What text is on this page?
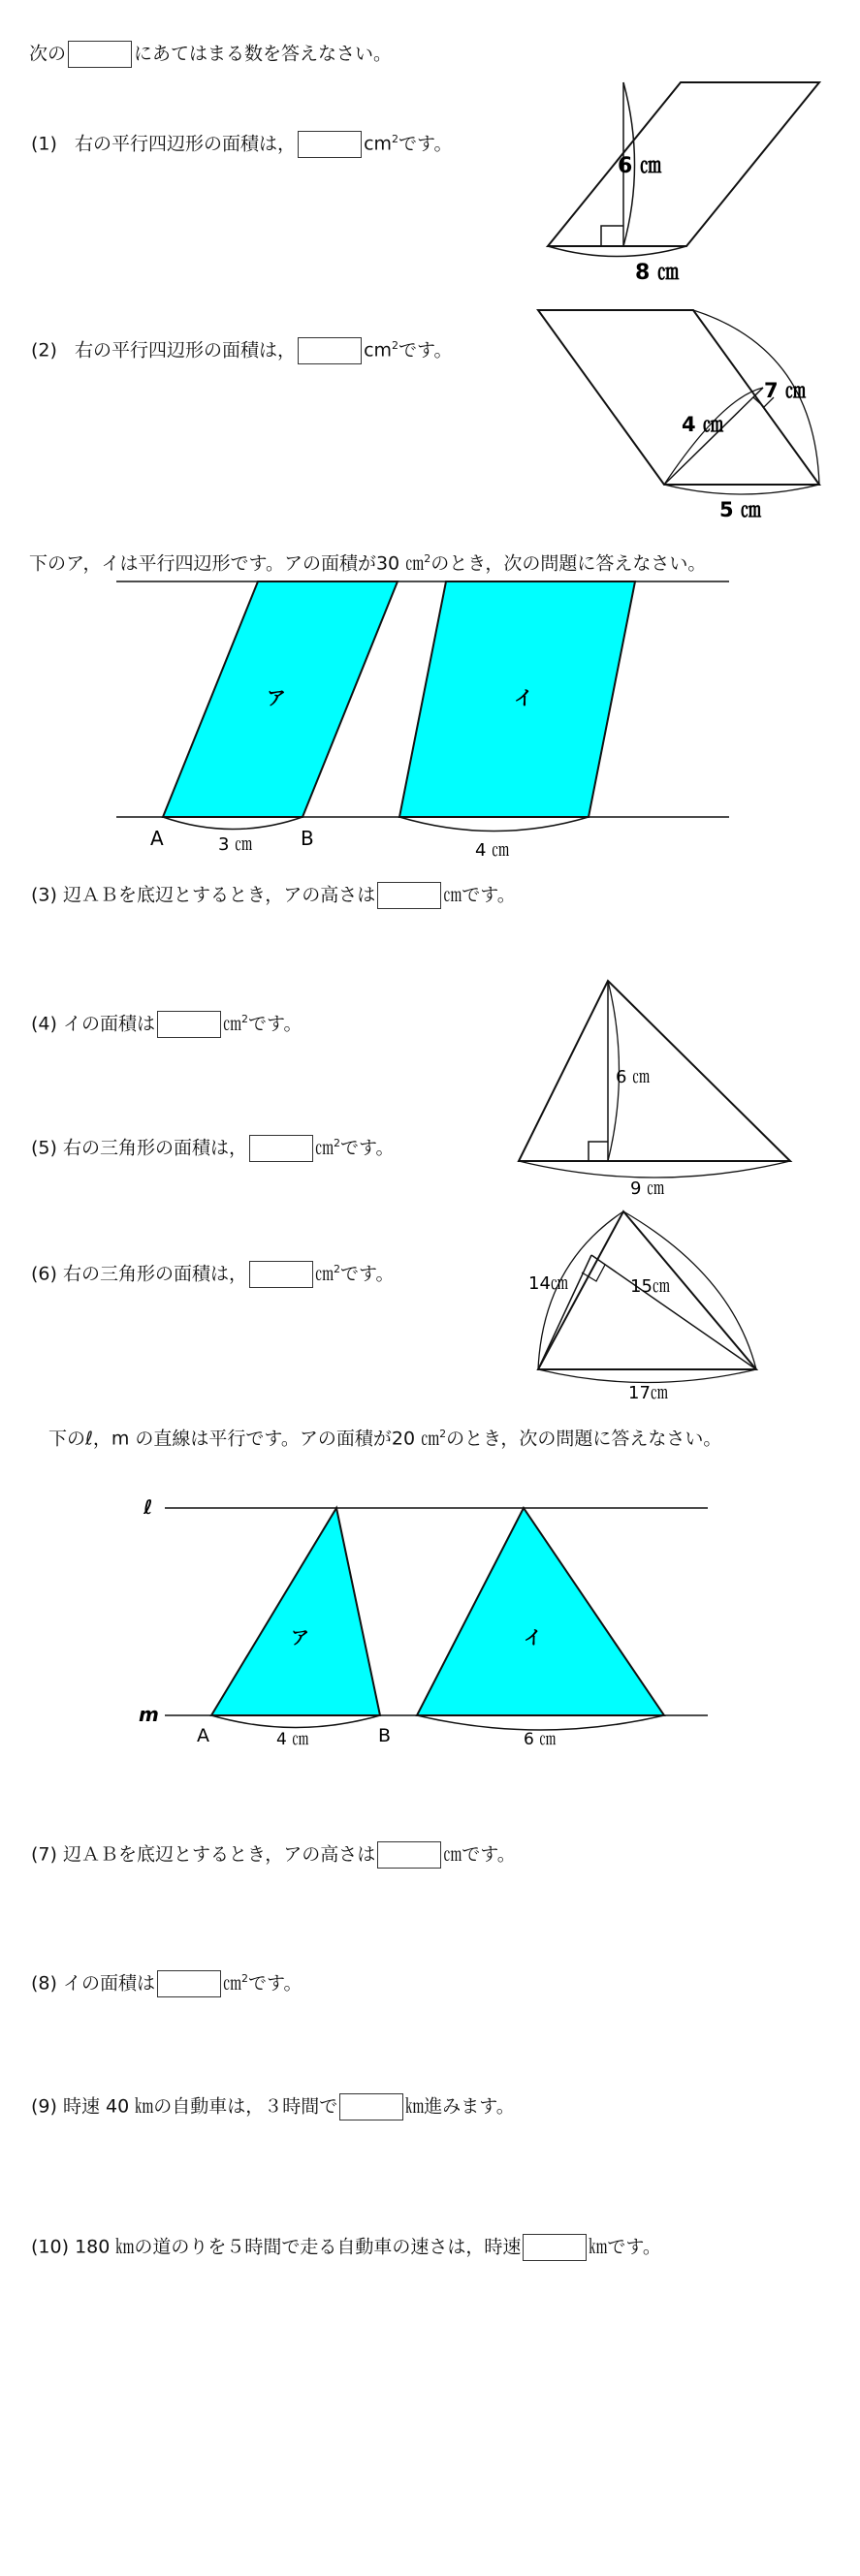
次の	にあてはまる数を答えなさい。
(1) 右の平行四辺形の面積は，	$cm^2$です。
(2) 右の平行四辺形の面積は，	$cm^2$です。
下のア，イは平行四辺形です。アの面積が30 ㎝$^2$のとき，次の問題に答えなさい。
(3) 辺ＡＢを底辺とするとき，アの高さは	㎝です。
(4) イの面積は	㎝$^2$です。
(5) 右の三角形の面積は，	㎝$^2$です。
(6) 右の三角形の面積は，	㎝$^2$です。
下のℓ，m の直線は平行です。アの面積が20 ㎝$^2$のとき，次の問題に答えなさい。
(7) 辺ＡＢを底辺とするとき，アの高さは	㎝です。
(8) イの面積は	㎝$^2$です。
(9) 時速 40 ㎞の自動車は，３時間で	㎞進みます。
(10) 180 ㎞の道のりを５時間で走る自動車の速さは，時速	㎞です。
6 ㎝
8 ㎝
4 ㎝
7 ㎝
5 ㎝
ア	イ
A	B
3 ㎝	4 ㎝
6 ㎝
9 ㎝
14㎝	15㎝
17㎝
ℓ
m
ア	イ
A	B
4 ㎝	6 ㎝
